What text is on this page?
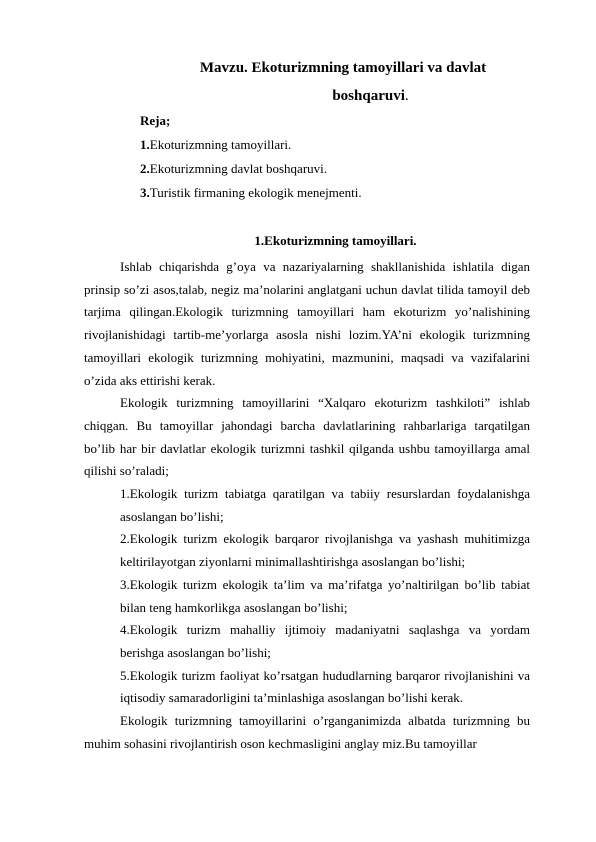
Mavzu. Ekoturizmning tamoyillari va davlat
boshqaruvi.
Reja;
1.Ekoturizmning tamoyillari.
2.Ekoturizmning davlat boshqaruvi.
3.Turistik firmaning ekologik menejmenti.
1.Ekoturizmning tamoyillari.

Ishlab chiqarishda g’oya va nazariyalarning shakllanishida ishlatila digan prinsip so’zi asos,talab, negiz ma’nolarini anglatgani uchun davlat tilida tamoyil deb tarjima qilingan.Ekologik turizmning tamoyillari ham ekoturizm yo’nalishining rivojlanishidagi tartib-me’yorlarga asosla nishi lozim.YA’ni ekologik turizmning tamoyillari ekologik turizmning mohiyatini, mazmunini, maqsadi va vazifalarini o’zida aks ettirishi kerak.

Ekologik turizmning tamoyillarini “Xalqaro ekoturizm tashkiloti” ishlab chiqgan. Bu tamoyillar jahondagi barcha davlatlarining rahbarlariga tarqatilgan bo’lib har bir davlatlar ekologik turizmni tashkil qilganda ushbu tamoyillarga amal qilishi so’raladi;

1.Ekologik turizm tabiatga qaratilgan va tabiiy resurslardan foydalanishga asoslangan bo’lishi;

2.Ekologik turizm ekologik barqaror rivojlanishga va yashash muhitimizga keltirilayotgan ziyonlarni minimallashtirishga asoslangan bo’lishi;

3.Ekologik turizm ekologik ta’lim va ma’rifatga yo’naltirilgan bo’lib tabiat bilan teng hamkorlikga asoslangan bo’lishi;

4.Ekologik turizm mahalliy ijtimoiy madaniyatni saqlashga va yordam berishga asoslangan bo’lishi;

5.Ekologik turizm faoliyat ko’rsatgan hududlarning barqaror rivojlanishini va iqtisodiy samaradorligini ta’minlashiga asoslangan bo’lishi kerak.

Ekologik turizmning tamoyillarini o’rganganimizda albatda turizmning bu muhim sohasini rivojlantirish oson kechmasligini anglay miz.Bu tamoyillar
